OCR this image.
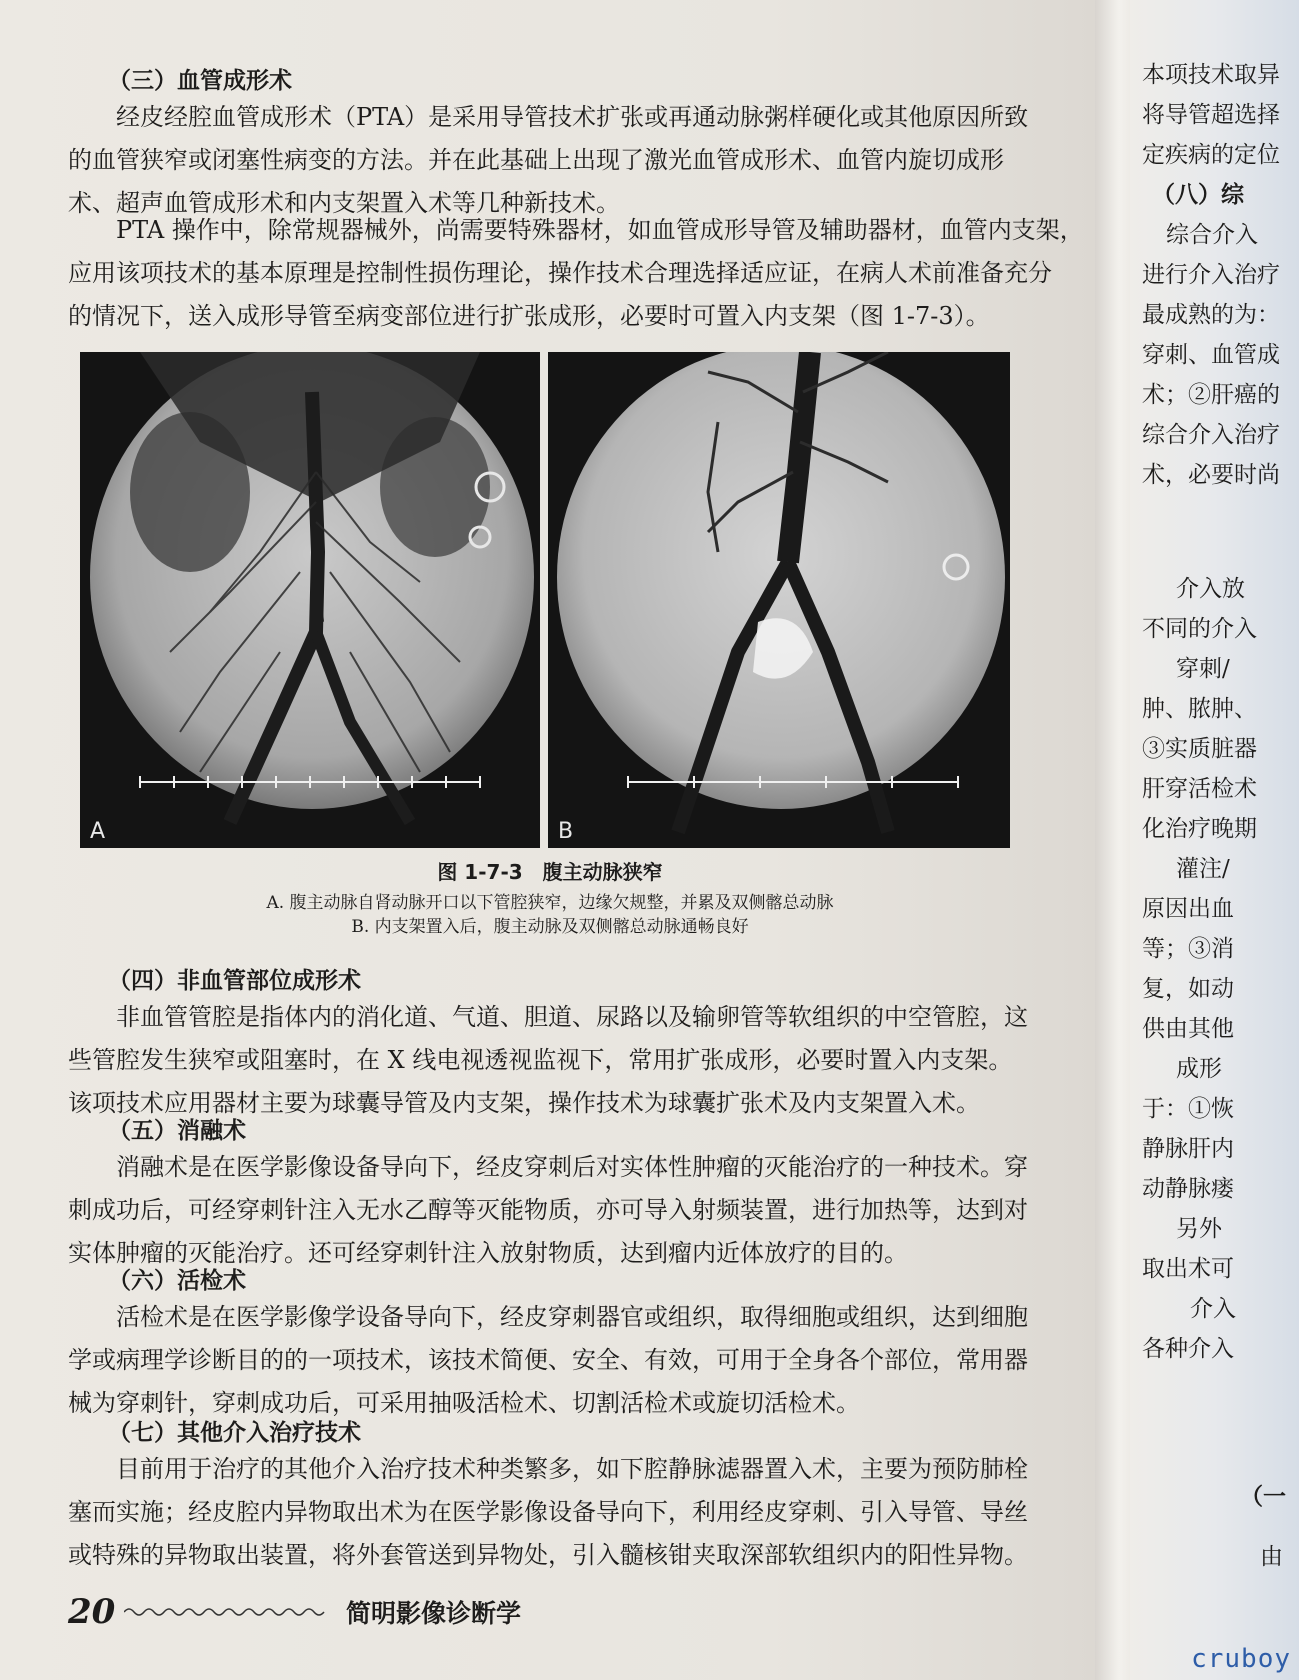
（三）血管成形术
经皮经腔血管成形术（PTA）是采用导管技术扩张或再通动脉粥样硬化或其他原因所致
的血管狭窄或闭塞性病变的方法。并在此基础上出现了激光血管成形术、血管内旋切成形
术、超声血管成形术和内支架置入术等几种新技术。
PTA 操作中，除常规器械外，尚需要特殊器材，如血管成形导管及辅助器材，血管内支架，
应用该项技术的基本原理是控制性损伤理论，操作技术合理选择适应证，在病人术前准备充分
的情况下，送入成形导管至病变部位进行扩张成形，必要时可置入内支架（图 1-7-3）。
A	B
图 1-7-3　腹主动脉狭窄
A. 腹主动脉自肾动脉开口以下管腔狭窄，边缘欠规整，并累及双侧髂总动脉
B. 内支架置入后，腹主动脉及双侧髂总动脉通畅良好
（四）非血管部位成形术
非血管管腔是指体内的消化道、气道、胆道、尿路以及输卵管等软组织的中空管腔，这
些管腔发生狭窄或阻塞时，在 X 线电视透视监视下，常用扩张成形，必要时置入内支架。
该项技术应用器材主要为球囊导管及内支架，操作技术为球囊扩张术及内支架置入术。
（五）消融术
消融术是在医学影像设备导向下，经皮穿刺后对实体性肿瘤的灭能治疗的一种技术。穿
刺成功后，可经穿刺针注入无水乙醇等灭能物质，亦可导入射频装置，进行加热等，达到对
实体肿瘤的灭能治疗。还可经穿刺针注入放射物质，达到瘤内近体放疗的目的。
（六）活检术
活检术是在医学影像学设备导向下，经皮穿刺器官或组织，取得细胞或组织，达到细胞
学或病理学诊断目的的一项技术，该技术简便、安全、有效，可用于全身各个部位，常用器
械为穿刺针，穿刺成功后，可采用抽吸活检术、切割活检术或旋切活检术。
（七）其他介入治疗技术
目前用于治疗的其他介入治疗技术种类繁多，如下腔静脉滤器置入术，主要为预防肺栓
塞而实施；经皮腔内异物取出术为在医学影像设备导向下，利用经皮穿刺、引入导管、导丝
或特殊的异物取出装置，将外套管送到异物处，引入髓核钳夹取深部软组织内的阳性异物。
20	简明影像诊断学
本项技术取异
将导管超选择
定疾病的定位
（八）综
综合介入
进行介入治疗
最成熟的为：
穿刺、血管成
术；②肝癌的
综合介入治疗
术，必要时尚
介入放
不同的介入
穿刺/
肿、脓肿、
③实质脏器
肝穿活检术
化治疗晚期
灌注/
原因出血
等；③消
复，如动
供由其他
成形
于：①恢
静脉肝内
动静脉瘘
另外
取出术可
介入
各种介入
（一
由
cruboy
